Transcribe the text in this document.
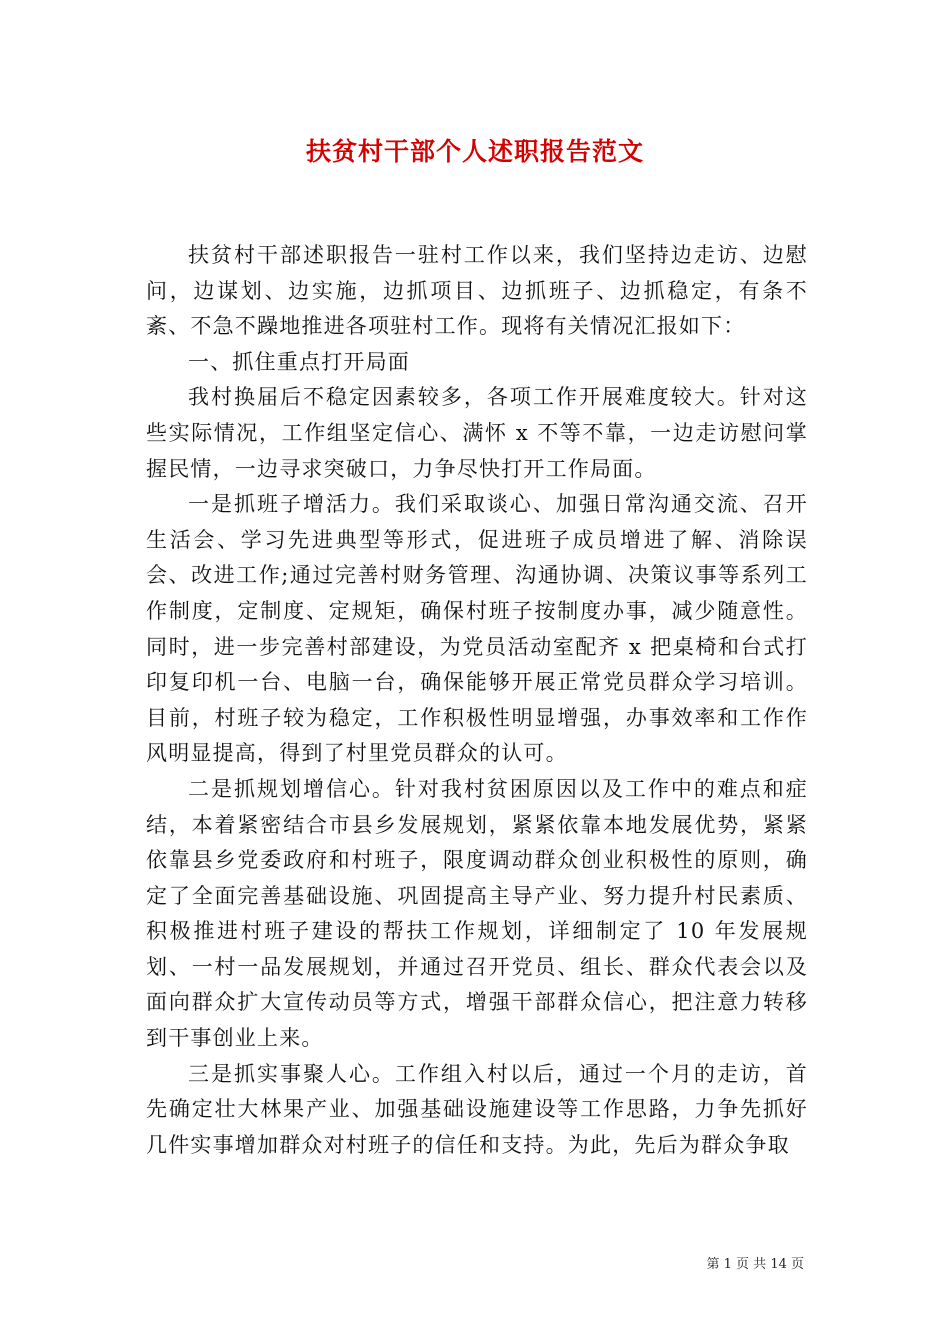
扶贫村干部个人述职报告范文

扶贫村干部述职报告一驻村工作以来，我们坚持边走访、边慰问，边谋划、边实施，边抓项目、边抓班子、边抓稳定，有条不紊、不急不躁地推进各项驻村工作。现将有关情况汇报如下：

一、抓住重点打开局面

我村换届后不稳定因素较多，各项工作开展难度较大。针对这些实际情况，工作组坚定信心、满怀 x 不等不靠，一边走访慰问掌握民情，一边寻求突破口，力争尽快打开工作局面。

一是抓班子增活力。我们采取谈心、加强日常沟通交流、召开生活会、学习先进典型等形式，促进班子成员增进了解、消除误会、改进工作;通过完善村财务管理、沟通协调、决策议事等系列工作制度，定制度、定规矩，确保村班子按制度办事，减少随意性。同时，进一步完善村部建设，为党员活动室配齐 x 把桌椅和台式打印复印机一台、电脑一台，确保能够开展正常党员群众学习培训。目前，村班子较为稳定，工作积极性明显增强，办事效率和工作作风明显提高，得到了村里党员群众的认可。

二是抓规划增信心。针对我村贫困原因以及工作中的难点和症结，本着紧密结合市县乡发展规划，紧紧依靠本地发展优势，紧紧依靠县乡党委政府和村班子，限度调动群众创业积极性的原则，确定了全面完善基础设施、巩固提高主导产业、努力提升村民素质、积极推进村班子建设的帮扶工作规划，详细制定了 10 年发展规划、一村一品发展规划，并通过召开党员、组长、群众代表会以及面向群众扩大宣传动员等方式，增强干部群众信心，把注意力转移到干事创业上来。

三是抓实事聚人心。工作组入村以后，通过一个月的走访，首先确定壮大林果产业、加强基础设施建设等工作思路，力争先抓好几件实事增加群众对村班子的信任和支持。为此，先后为群众争取

第 1 页 共 14 页
